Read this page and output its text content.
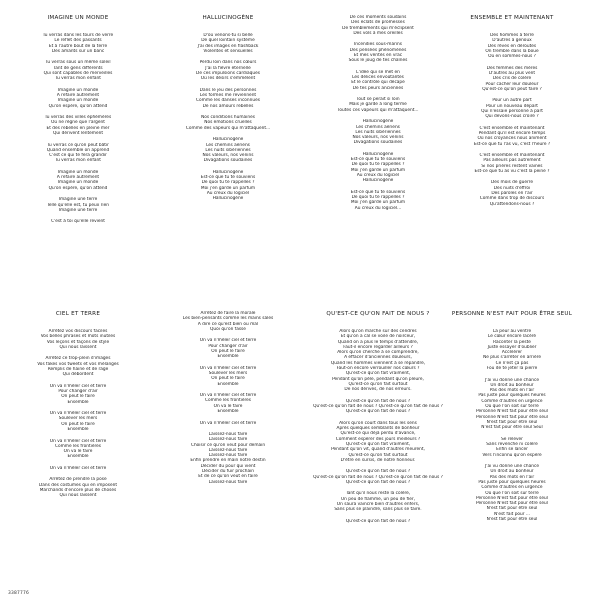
IMAGINE UN MONDE
Tu verras dans les tours de verre
Le reflet des passants
Et à l'autre bout de la terre
Des amants sur un banc
Tu verras sous un même soleil
Tant de gens différents
Qui sont capables de merveilles
Tu verras mon enfant
Imagine un monde
À refaire autrement
Imagine un monde
Qu'on espère, qu'on attend
Tu verras des villes éphémères
Où ne règne que l'argent
Et des rebelles en pleine mer
Qui dérivent lentement
Tu verras ce qu'on peut bâtir
Quand ensemble on apprend
C'est ce qui te fera grandir
Tu verras mon enfant
Imagine un monde
À refaire autrement
Imagine un monde
Qu'on espère, qu'on attend
Imagine une terre
Telle qu'elle est, tu peux rien
Imagine une terre
C'est à toi qu'elle revient
HALLUCINOGÈNE
D'où venons-tu si belle
De quel lointain système
J'ai des images en flashback
Violentes et sensuelles
Perdu loin dans nos cœurs
J'ai la fièvre éternelle
De ces impulsions cardiaques
Où les désirs s'emmêlent
Dans le jeu des personnes
Les formes me reviennent
Comme les danses inconnues
De nos amours rebelles
Nos conditions humaines
Nos émotions cruelles
Comme des vapeurs qui m'attaquent...
Hallucinogène
Les chemins aériens
Les nuits sibériennes
Nos valeurs, nos venins
Divagations soudaines
Hallucinogène
Est-ce que tu te souviens
De quoi tu te rappelles ?
Moi j'en garde un parfum
Au creux du logiciel
Hallucinogène
De ces moments soudains
Des éclats de promesses
De tremblements qui m'éclipsent
Des vols à mes oreilles
Incendies sous-marins
Des pensées phénomènes
Et mes vérités en vrac
Sous le joug de tes chaînes
L'idée qui se met en
Les délices envoûtantes
Et le contrôle qui décape
De tes peurs anciennes
Tout se perait si loin
Mais je garde à long terme
Toutes ces vapeurs qui m'attaquent...
Hallucinogène
Les chemins aériens
Les nuits sibériennes
Nos valeurs, nos venins
Divagations soudaines
Hallucinogène
Est-ce que tu te souviens
De quoi tu te rappelles ?
Moi j'en garde un parfum
Au creux du logiciel
Hallucinogène
Est-ce que tu te souviens
De quoi tu te rappelles ?
Moi j'en garde un parfum
Au creux du logiciel...
ENSEMBLE ET MAINTENANT
Des hommes à terre
D'autres à genoux
Des rêves en déroutes
On tremble dans la boue
Où en sommes-nous ?
Des femmes des mères
D'autres au plus vent
Des cris de colère
Pour cacher leur douleur
Qu'est-ce qu'on peut faire ?
Pour un autre part
Pour un nouveau départ
Qui n'essaie personne à part
Qui devons-nous croire ?
C'est ensemble et maintenant
Pendant qu'il est encore temps
Où nos croyances nous animent
Est-ce que tu l'as vu, c'est l'heure ?
C'est ensemble et maintenant
Pas ailleurs pas autrement
Si nos prières restent vaines
Est-ce que tu as vu c'est la peine ?
Des mois de guerre
Des nuits d'effroi
Des paroles en l'air
Comme dans trop de discours
Qu'attendons-nous ?
CIEL ET TERRE
Arrêtez vos discours faciles
Vos belles phrases et mots inutiles
Vos leçons et façons de style
Qui nous laissent
Arrêtez ce trop-plein d'images
Vos fakes vos tweets et vos mélanges
Remplis de haine et de rage
Qui débordent
On va n'mêler ciel et terre
Pour changer d'air
On peut le faire
Ensemble
On va n'mêler ciel et terre
Soulever les mers
On peut le faire
Ensemble
On va n'mêler ciel et terre
Comme les frontières
On va le faire
Ensemble
On va n'mêler ciel et terre
Arrêtez de prendre la pose
Dans des costumes qui en imposent
Marchands d'encore plus de choses
Qui nous laissent
Arrêtez de faire la morale
Les bien-pensants comme les mains sales
À dire ce qu'est bien ou mal
Quoi qu'on fasse
On va n'mêler ciel et terre
Pour changer d'air
On peut le faire
Ensemble
On va n'mêler ciel et terre
Soulever les mers
On peut le faire
Ensemble
On va n'mêler ciel et terre
Comme les frontières
On va le faire
Ensemble
On va n'mêler ciel et terre
Laissez-nous faire
Laissez-nous faire
Choisir ce qu'on veut pour demain
Laissez-nous faire
Laissez-nous faire
Enfin prendre en main notre destin
Décider du pour qui vient
Décider du fuir prochain
Et de ce qu'on veut en faire
Laissez-nous faire
QU'EST-CE QU'ON FAIT DE NOUS ?
Alors qu'on marche sur des cendres
Et qu'on a cal se voile de noirceur,
Quand on a plus le temps d'attendre,
Faut-il encore regarder ailleurs ?
Alors qu'on cherche à se comprendre,
À effacer d'anciennes douleurs,
Quand les hommes viennent à se répandre,
Faut-on encore verrouiller nos cœurs ?
Qu'est-ce qu'on fait vraiment,
Pendant qu'on pêle, pendant qu'on pleure,
Qu'est-ce qu'on fait surtout
De nos dérives, de nos erreurs.
Qu'est-ce qu'on fait de nous ?
Qu'est-ce qu'on fait de nous ? Qu'est-ce qu'on fait de nous ?
Qu'est-ce qu'on fait de nous ?
Alors qu'on court dans tous les sens
Après quelques semblants de bonheur
Qu'est-ce qui déjà perdu d'avance,
Comment espérer des jours meilleurs ?
Qu'est-ce qu'on fait vraiment,
Pendant qu'on vit, quand d'autres meurent,
Qu'est-ce qu'on fait surtout
D'être en sursis, de notre honneur.
Qu'est-ce qu'on fait de nous ?
Qu'est-ce qu'on fait de nous ? Qu'est-ce qu'on fait de nous ?
Qu'est-ce qu'on fait de nous ?
Tant qu'il nous reste la colère,
Un peu de flamme, un peu de fier,
On saura vaincre bien d'autres enfers,
Sans plus se plaindre, sans plus se taire.
Qu'est-ce qu'on fait de nous ?
PERSONNE N'EST FAIT POUR ÊTRE SEUL
La peur au ventre
Le cœur encore lacéré
Raconter la peste
Juste essayer d'oublier
Accélérer
Ne plus s'arrêter en arrière
Ce n'est ça pas
Fou de te jeter la pierre
J'ai vu donne une chance
Un droit au bonheur
Pas des mots en l'air
Pas juste pour quelques heures
Comme d'autres en urgence
Où que l'on soit sur terre
Personne N'est fait pour être seul
Personne N'est fait pour être seul
N'est fait pour être seul
N'est fait pour être seul Seul
Se relever
Sans revenche ni colère
Enfin se lancer
Vers l'inconnu qu'on espère
J'ai vu donne une chance
Un droit au bonheur
Pas des mots en l'air
Pas juste pour quelques heures
Comme d'autres en urgence
Où que l'on soit sur terre
Personne N'est fait pour être seul
Personne N'est fait pour être seul
N'est fait pour être seul
N'est fait pour ...
N'est fait pour être seul
3387776
